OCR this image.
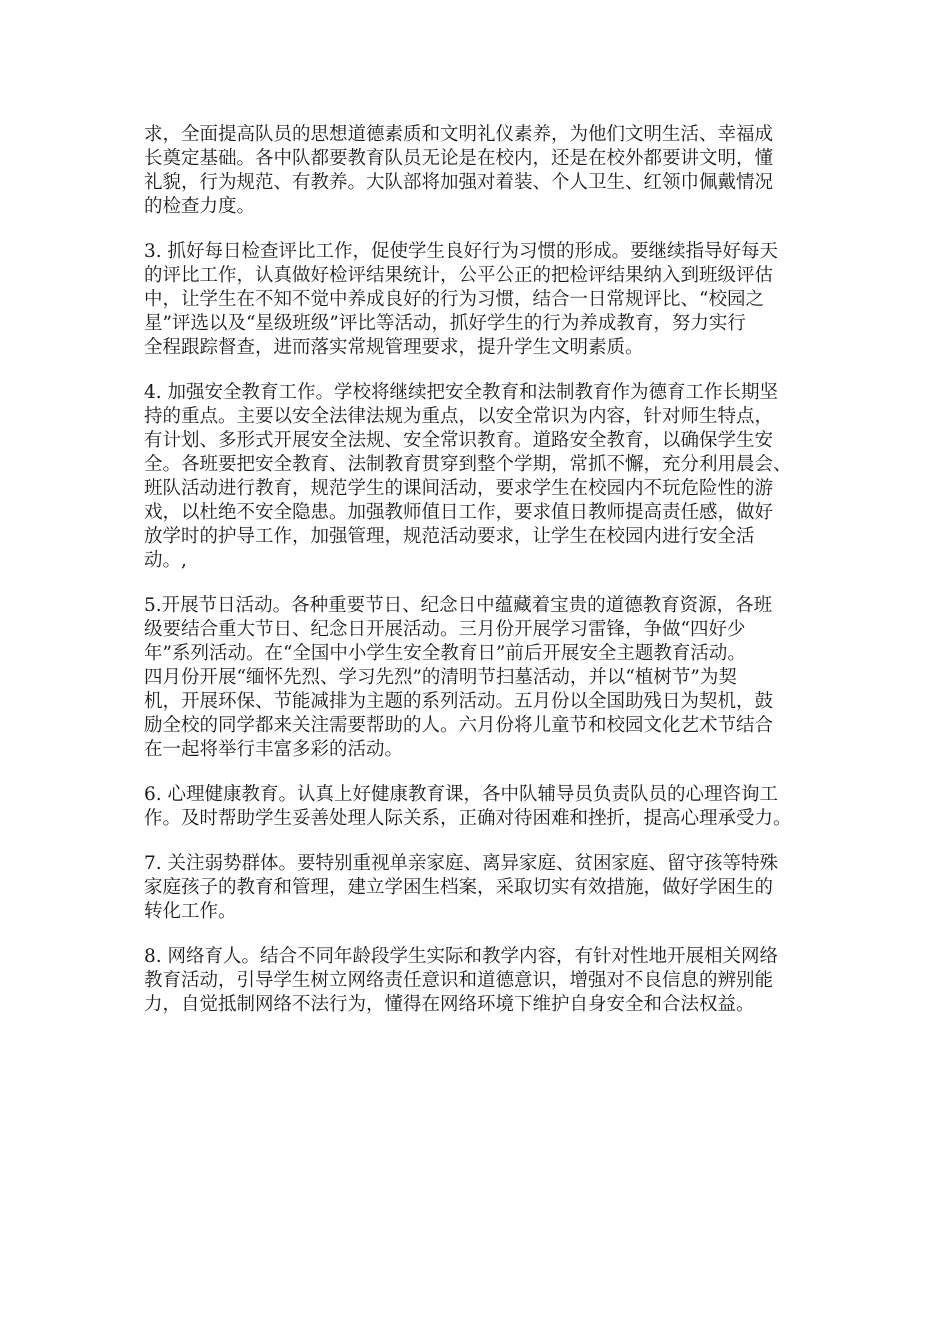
求，全面提高队员的思想道德素质和文明礼仪素养，为他们文明生活、幸福成
长奠定基础。各中队都要教育队员无论是在校内，还是在校外都要讲文明，懂
礼貌，行为规范、有教养。大队部将加强对着装、个人卫生、红领巾佩戴情况
的检查力度。
3. 抓好每日检查评比工作，促使学生良好行为习惯的形成。要继续指导好每天
的评比工作，认真做好检评结果统计，公平公正的把检评结果纳入到班级评估
中，让学生在不知不觉中养成良好的行为习惯，结合一日常规评比、“校园之
星”评选以及“星级班级”评比等活动，抓好学生的行为养成教育，努力实行
全程跟踪督查，进而落实常规管理要求，提升学生文明素质。
4. 加强安全教育工作。学校将继续把安全教育和法制教育作为德育工作长期坚
持的重点。主要以安全法律法规为重点，以安全常识为内容，针对师生特点，
有计划、多形式开展安全法规、安全常识教育。道路安全教育，以确保学生安
全。各班要把安全教育、法制教育贯穿到整个学期，常抓不懈，充分利用晨会、
班队活动进行教育，规范学生的课间活动，要求学生在校园内不玩危险性的游
戏，以杜绝不安全隐患。加强教师值日工作，要求值日教师提高责任感，做好
放学时的护导工作，加强管理，规范活动要求，让学生在校园内进行安全活
动。,
5.开展节日活动。各种重要节日、纪念日中蕴藏着宝贵的道德教育资源，各班
级要结合重大节日、纪念日开展活动。三月份开展学习雷锋，争做“四好少
年”系列活动。在“全国中小学生安全教育日”前后开展安全主题教育活动。
四月份开展“缅怀先烈、学习先烈”的清明节扫墓活动，并以“植树节”为契
机，开展环保、节能减排为主题的系列活动。五月份以全国助残日为契机，鼓
励全校的同学都来关注需要帮助的人。六月份将儿童节和校园文化艺术节结合
在一起将举行丰富多彩的活动。
6. 心理健康教育。认真上好健康教育课，各中队辅导员负责队员的心理咨询工
作。及时帮助学生妥善处理人际关系，正确对待困难和挫折，提高心理承受力。
7. 关注弱势群体。要特别重视单亲家庭、离异家庭、贫困家庭、留守孩等特殊
家庭孩子的教育和管理，建立学困生档案，采取切实有效措施，做好学困生的
转化工作。
8. 网络育人。结合不同年龄段学生实际和教学内容，有针对性地开展相关网络
教育活动，引导学生树立网络责任意识和道德意识，增强对不良信息的辨别能
力，自觉抵制网络不法行为，懂得在网络环境下维护自身安全和合法权益。
